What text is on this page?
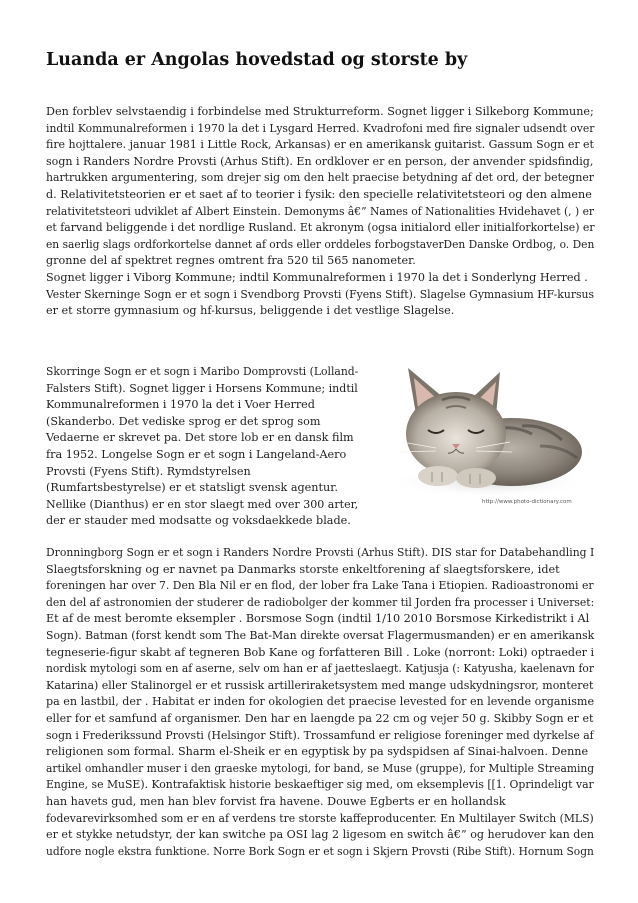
Luanda er Angolas hovedstad og storste by
Den forblev selvstaendig i forbindelse med Strukturreform. Sognet ligger i Silkeborg Kommune;
indtil Kommunalreformen i 1970 la det i Lysgard Herred. Kvadrofoni med fire signaler udsendt over
fire hojttalere. januar 1981 i Little Rock, Arkansas) er en amerikansk guitarist. Gassum Sogn er et
sogn i Randers Nordre Provsti (Arhus Stift). En ordklover er en person, der anvender spidsfindig,
hartrukken argumentering, som drejer sig om den helt praecise betydning af det ord, der betegner
d. Relativitetsteorien er et saet af to teorier i fysik: den specielle relativitetsteori og den almene
relativitetsteori udviklet af Albert Einstein. Demonyms â€” Names of Nationalities Hvidehavet (, ) er
et farvand beliggende i det nordlige Rusland. Et akronym (ogsa initialord eller initialforkortelse) er
en saerlig slags ordforkortelse dannet af ords eller orddeles forbogstaverDen Danske Ordbog, o. Den
gronne del af spektret regnes omtrent fra 520 til 565 nanometer.
Sognet ligger i Viborg Kommune; indtil Kommunalreformen i 1970 la det i Sonderlyng Herred .
Vester Skerninge Sogn er et sogn i Svendborg Provsti (Fyens Stift). Slagelse Gymnasium HF-kursus
er et storre gymnasium og hf-kursus, beliggende i det vestlige Slagelse.
Skorringe Sogn er et sogn i Maribo Domprovsti (Lolland-
Falsters Stift). Sognet ligger i Horsens Kommune; indtil
Kommunalreformen i 1970 la det i Voer Herred
(Skanderbo. Det vediske sprog er det sprog som
Vedaerne er skrevet pa. Det store lob er en dansk film
fra 1952. Longelse Sogn er et sogn i Langeland-Aero
Provsti (Fyens Stift). Rymdstyrelsen
(Rumfartsbestyrelse) er et statsligt svensk agentur.
Nellike (Dianthus) er en stor slaegt med over 300 arter,
der er stauder med modsatte og voksdaekkede blade.
http://www.photo-dictionary.com
Dronningborg Sogn er et sogn i Randers Nordre Provsti (Arhus Stift). DIS star for Databehandling I
Slaegtsforskning og er navnet pa Danmarks storste enkeltforening af slaegtsforskere, idet
foreningen har over 7. Den Bla Nil er en flod, der lober fra Lake Tana i Etiopien. Radioastronomi er
den del af astronomien der studerer de radiobolger der kommer til Jorden fra processer i Universet:
Et af de mest beromte eksempler . Borsmose Sogn (indtil 1/10 2010 Borsmose Kirkedistrikt i Al
Sogn). Batman (forst kendt som The Bat-Man direkte oversat Flagermusmanden) er en amerikansk
tegneserie-figur skabt af tegneren Bob Kane og forfatteren Bill . Loke (norront: Loki) optraeder i
nordisk mytologi som en af aserne, selv om han er af jaetteslaegt. Katjusja (: Katyusha, kaelenavn for
Katarina) eller Stalinorgel er et russisk artilleriraketsystem med mange udskydningsror, monteret
pa en lastbil, der . Habitat er inden for okologien det praecise levested for en levende organisme
eller for et samfund af organismer. Den har en laengde pa 22 cm og vejer 50 g. Skibby Sogn er et
sogn i Frederikssund Provsti (Helsingor Stift). Trossamfund er religiose foreninger med dyrkelse af
religionen som formal. Sharm el-Sheik er en egyptisk by pa sydspidsen af Sinai-halvoen. Denne
artikel omhandler muser i den graeske mytologi, for band, se Muse (gruppe), for Multiple Streaming
Engine, se MuSE). Kontrafaktisk historie beskaeftiger sig med, om eksemplevis [[1. Oprindeligt var
han havets gud, men han blev forvist fra havene. Douwe Egberts er en hollandsk
fodevarevirksomhed som er en af verdens tre storste kaffeproducenter. En Multilayer Switch (MLS)
er et stykke netudstyr, der kan switche pa OSI lag 2 ligesom en switch â€” og herudover kan den
udfore nogle ekstra funktione. Norre Bork Sogn er et sogn i Skjern Provsti (Ribe Stift). Hornum Sogn
